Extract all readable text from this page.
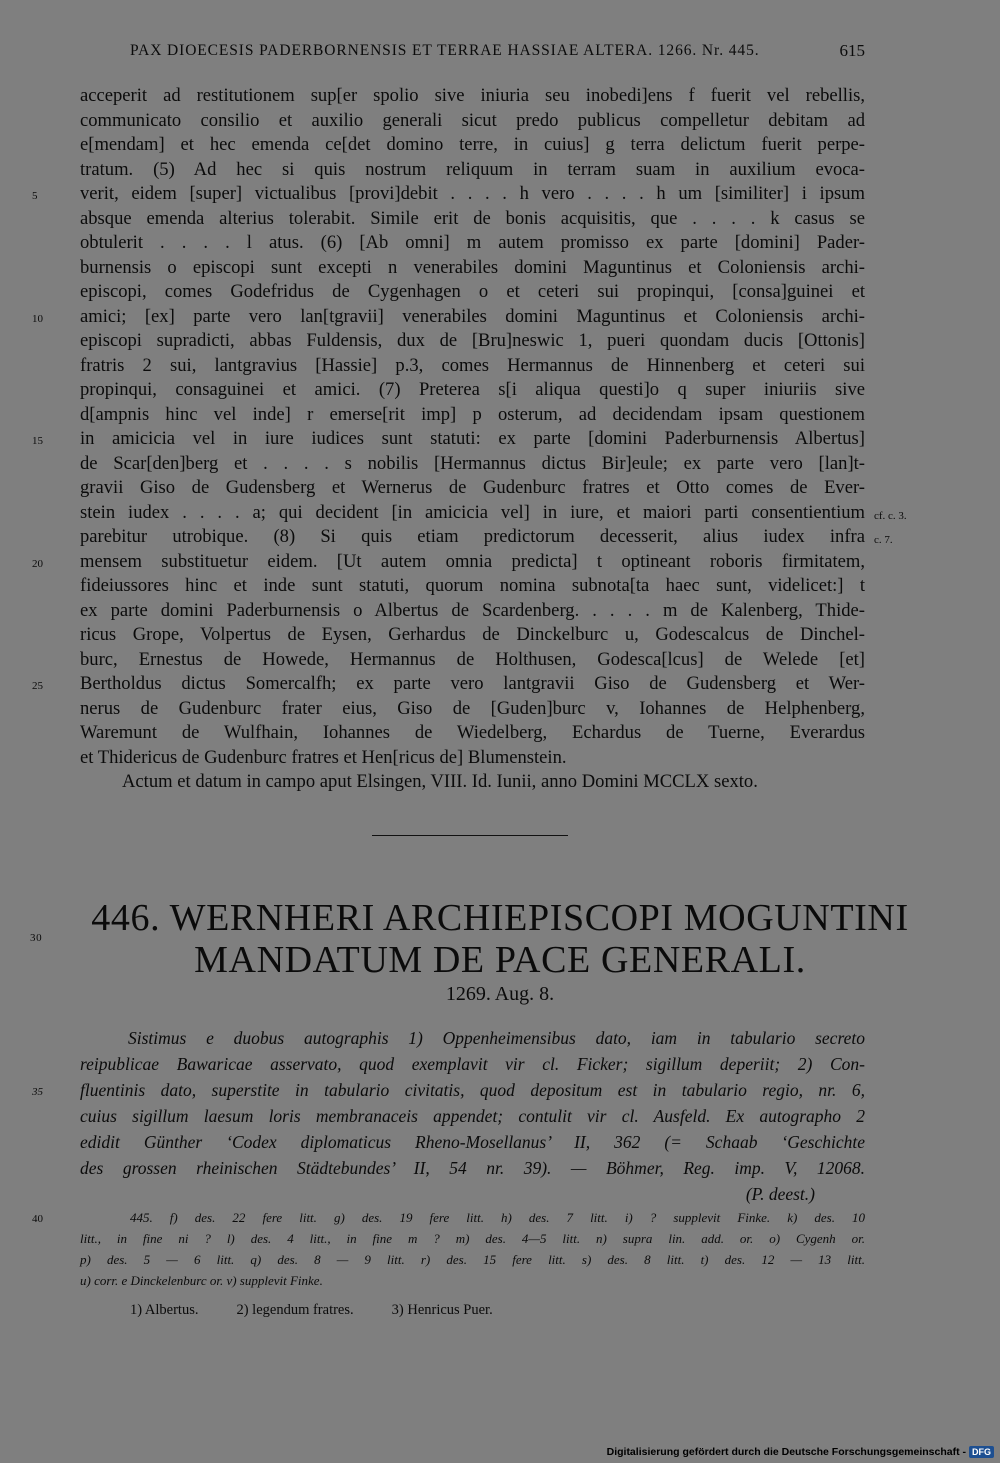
PAX DIOECESIS PADERBORNENSIS ET TERRAE HASSIAE ALTERA. 1266. Nr. 445.	615
acceperit ad restitutionem sup[er spolio sive iniuria seu inobedi]ens f fuerit vel rebellis,
communicato consilio et auxilio generali sicut predo publicus compelletur debitam ad
e[mendam] et hec emenda ce[det domino terre, in cuius] g terra delictum fuerit perpe-
tratum. (5) Ad hec si quis nostrum reliquum in terram suam in auxilium evoca-
verit, eidem [super] victualibus [provi]debit . . . . h vero . . . . h um [similiter] i ipsum
5
absque emenda alterius tolerabit. Simile erit de bonis acquisitis, que . . . . k casus se
obtulerit . . . . l atus. (6) [Ab omni] m autem promisso ex parte [domini] Pader-
burnensis o episcopi sunt excepti n venerabiles domini Maguntinus et Coloniensis archi-
episcopi, comes Godefridus de Cygenhagen o et ceteri sui propinqui, [consa]guinei et
amici; [ex] parte vero lan[tgravii] venerabiles domini Maguntinus et Coloniensis archi-
10
episcopi supradicti, abbas Fuldensis, dux de [Bru]neswic 1, pueri quondam ducis [Ottonis]
fratris 2 sui, lantgravius [Hassie] p.3, comes Hermannus de Hinnenberg et ceteri sui
propinqui, consaguinei et amici. (7) Preterea s[i aliqua questi]o q super iniuriis sive
d[ampnis hinc vel inde] r emerse[rit imp] p osterum, ad decidendam ipsam questionem
in amicicia vel in iure iudices sunt statuti: ex parte [domini Paderburnensis Albertus]
15
de Scar[den]berg et . . . . s nobilis [Hermannus dictus Bir]eule; ex parte vero [lan]t-
gravii Giso de Gudensberg et Wernerus de Gudenburc fratres et Otto comes de Ever-
stein iudex . . . . a; qui decident [in amicicia vel] in iure, et maiori parti consentientium cf. c. 3.
parebitur utrobique. (8) Si quis etiam predictorum decesserit, alius iudex infra c. 7.
mensem substituetur eidem. [Ut autem omnia predicta] t optineant roboris firmitatem,
20
fideiussores hinc et inde sunt statuti, quorum nomina subnota[ta haec sunt, videlicet:] t
ex parte domini Paderburnensis o Albertus de Scardenberg. . . . . m de Kalenberg, Thide-
ricus Grope, Volpertus de Eysen, Gerhardus de Dinckelburc u, Godescalcus de Dinchel-
burc, Ernestus de Howede, Hermannus de Holthusen, Godesca[lcus] de Welede [et]
Bertholdus dictus Somercalfh; ex parte vero lantgravii Giso de Gudensberg et Wer-
25
nerus de Gudenburc frater eius, Giso de [Guden]burc v, Iohannes de Helphenberg,
Waremunt de Wulfhain, Iohannes de Wiedelberg, Echardus de Tuerne, Everardus
et Thidericus de Gudenburc fratres et Hen[ricus de] Blumenstein.
Actum et datum in campo aput Elsingen, VIII. Id. Iunii, anno Domini MCCLX sexto.
30	446. WERNHERI ARCHIEPISCOPI MOGUNTINI
MANDATUM DE PACE GENERALI.
1269. Aug. 8.
Sistimus e duobus autographis 1) Oppenheimensibus dato, iam in tabulario secreto
reipublicae Bawaricae asservato, quod exemplavit vir cl. Ficker; sigillum deperiit; 2) Con-
fluentinis dato, superstite in tabulario civitatis, quod depositum est in tabulario regio, nr. 6,
35
cuius sigillum laesum loris membranaceis appendet; contulit vir cl. Ausfeld. Ex autographo 2
edidit Günther ‘Codex diplomaticus Rheno-Mosellanus’ II, 362 (= Schaab ‘Geschichte
des grossen rheinischen Städtebundes’ II, 54 nr. 39). — Böhmer, Reg. imp. V, 12068.
(P. deest.)
445. f) des. 22 fere litt. g) des. 19 fere litt. h) des. 7 litt. i) ? supplevit Finke. k) des. 10
40
litt., in fine ni ? l) des. 4 litt., in fine m ? m) des. 4—5 litt. n) supra lin. add. or. o) Cygenh or.
p) des. 5 — 6 litt. q) des. 8 — 9 litt. r) des. 15 fere litt. s) des. 8 litt. t) des. 12 — 13 litt.
u) corr. e Dinckelenburc or. v) supplevit Finke.
1) Albertus.	2) legendum fratres.	3) Henricus Puer.
Digitalisierung gefördert durch die Deutsche Forschungsgemeinschaft - DFG
